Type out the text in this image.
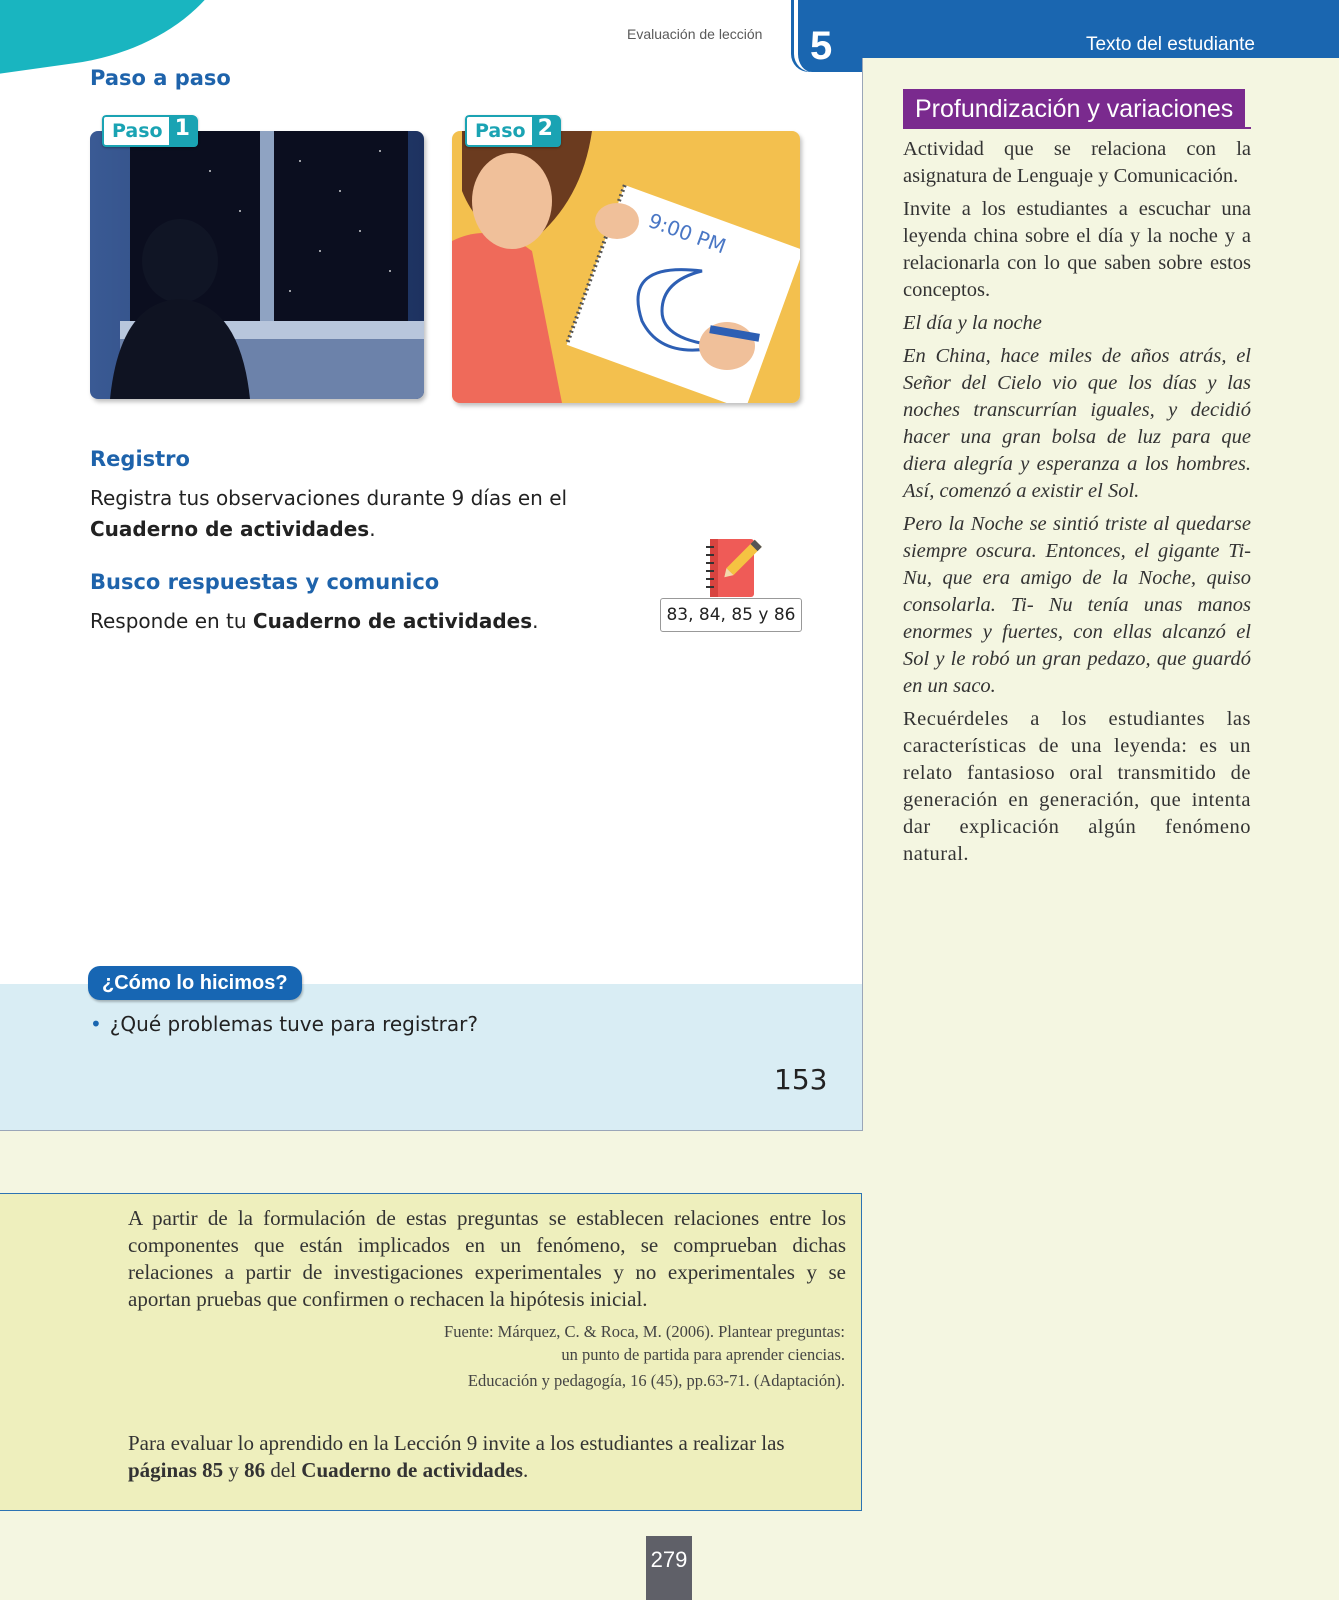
Evaluación de lección 5
Paso a paso
Paso 1
9:00 PM
Paso 2
Registro
Registra tus observaciones durante 9 días en el
Cuaderno de actividades.
Busco respuestas y comunico
Responde en tu Cuaderno de actividades.	83, 84, 85 y 86
¿Cómo lo hicimos?
• ¿Qué problemas tuve para registrar?
153
Texto del estudiante
Profundización y variaciones

Actividad que se relaciona con la asignatura de Lenguaje y Comunicación.

Invite a los estudiantes a escuchar una leyenda china sobre el día y la noche y a relacionarla con lo que saben sobre estos conceptos.

El día y la noche

En China, hace miles de años atrás, el Señor del Cielo vio que los días y las noches transcurrían iguales, y decidió hacer una gran bolsa de luz para que diera alegría y esperanza a los hombres. Así, comenzó a existir el Sol.

Pero la Noche se sintió triste al quedarse siempre oscura. Entonces, el gigante Ti-Nu, que era amigo de la Noche, quiso consolarla. Ti- Nu tenía unas manos enormes y fuertes, con ellas alcanzó el Sol y le robó un gran pedazo, que guardó en un saco.

Recuérdeles a los estudiantes las características de una leyenda: es un relato fantasioso oral transmitido de generación en generación, que intenta dar explicación algún fenómeno natural.

A partir de la formulación de estas preguntas se establecen relaciones entre los componentes que están implicados en un fenómeno, se comprueban dichas relaciones a partir de investigaciones experimentales y no experimentales y se aportan pruebas que confirmen o rechacen la hipótesis inicial.

Fuente: Márquez, C. & Roca, M. (2006). Plantear preguntas:

un punto de partida para aprender ciencias.

Educación y pedagogía, 16 (45), pp.63-71. (Adaptación).

Para evaluar lo aprendido en la Lección 9 invite a los estudiantes a realizar las páginas 85 y 86 del Cuaderno de actividades.

279
